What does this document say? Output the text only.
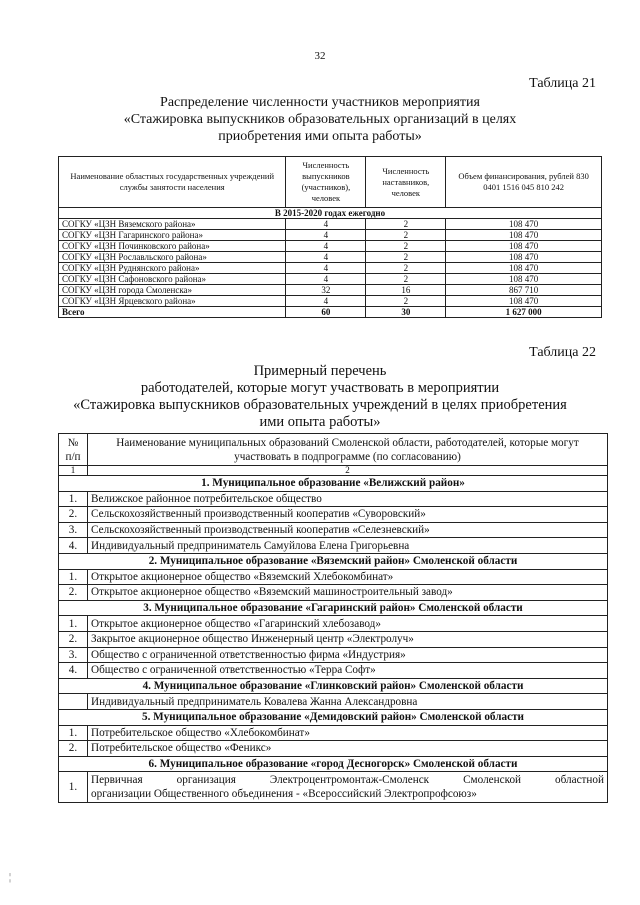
32
Таблица 21
Распределение численности участников мероприятия
«Стажировка выпускников образовательных организаций в целях
приобретения ими опыта работы»
Наименование областных государственных учреждений службы занятости населения	Численность выпускников (участников), человек	Численность наставников, человек	Объем финансирования, рублей 830 0401 1516 045 810 242
В 2015-2020 годах ежегодно			
СОГКУ «ЦЗН Вяземского района»	4	2	108 470
СОГКУ «ЦЗН Гагаринского района»	4	2	108 470
СОГКУ «ЦЗН Починковского района»	4	2	108 470
СОГКУ «ЦЗН Рославльского района»	4	2	108 470
СОГКУ «ЦЗН Руднянского района»	4	2	108 470
СОГКУ «ЦЗН Сафоновского района»	4	2	108 470
СОГКУ «ЦЗН города Смоленска»	32	16	867 710
СОГКУ «ЦЗН Ярцевского района»	4	2	108 470
Всего	60	30	1 627 000
Таблица 22
Примерный перечень
работодателей, которые могут участвовать в мероприятии
«Стажировка выпускников образовательных учреждений в целях приобретения
ими опыта работы»
№ п/п	Наименование муниципальных образований Смоленской области, работодателей, которые могут участвовать в подпрограмме (по согласованию)
1	2
1. Муниципальное образование «Велижский район»	
1.	Велижское районное потребительское общество
2.	Сельскохозяйственный производственный кооператив «Суворовский»
3.	Сельскохозяйственный производственный кооператив «Селезневский»
4.	Индивидуальный предприниматель Самуйлова Елена Григорьевна
2. Муниципальное образование «Вяземский район» Смоленской области	
1.	Открытое акционерное общество «Вяземский Хлебокомбинат»
2.	Открытое акционерное общество «Вяземский машиностроительный завод»
3. Муниципальное образование «Гагаринский район» Смоленской области	
1.	Открытое акционерное общество «Гагаринский хлебозавод»
2.	Закрытое акционерное общество Инженерный центр «Электролуч»
3.	Общество с ограниченной ответственностью фирма «Индустрия»
4.	Общество с ограниченной ответственностью «Терра Софт»
4. Муниципальное образование «Глинковский район» Смоленской области	
	Индивидуальный предприниматель Ковалева Жанна Александровна
5. Муниципальное образование «Демидовский район» Смоленской области	
1.	Потребительское общество «Хлебокомбинат»
2.	Потребительское общество «Феникс»
6. Муниципальное образование «город Десногорск» Смоленской области	
1.	Первичная организация Электроцентромонтаж-Смоленск Смоленской областной
организации Общественного объединения - «Всероссийский Электропрофсоюз»
¦
